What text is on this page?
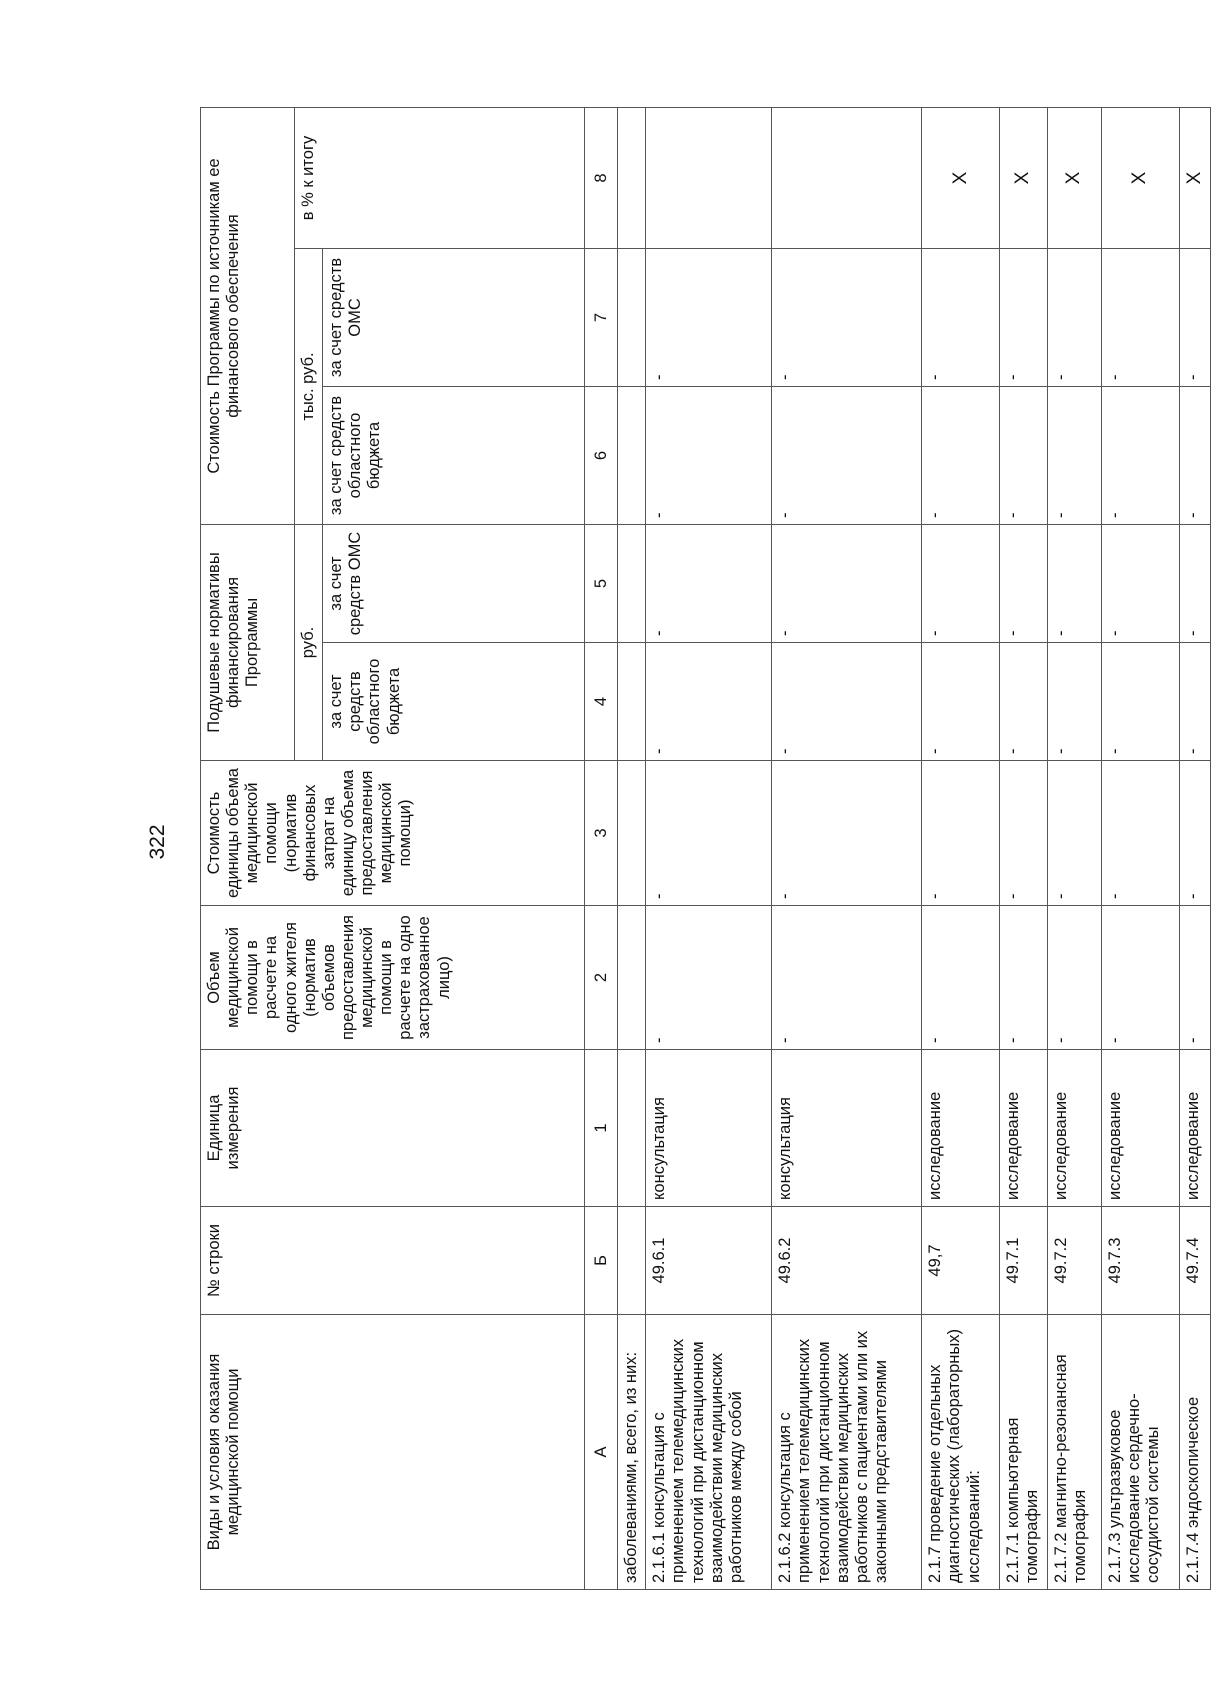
322
Виды и условия оказания медицинской помощи	№ строки	Единица измерения	Объем медицинской помощи в расчете на одного жителя (норматив объемов предоставления медицинской помощи в расчете на одно застрахованное лицо)	Стоимость единицы объема медицинской помощи (норматив финансовых затрат на единицу объема предоставления медицинской помощи)	Подушевые нормативы финансирования Программы		Стоимость Программы по источникам ее финансового обеспечения		
					руб.		тыс. руб.		в % к итогу
					за счет средств областного бюджета	за счет средств ОМС	за счет средств областного бюджета	за счет средств ОМС	
А	Б	1	2	3	4	5	6	7	8
заболеваниями, всего, из них:									
2.1.6.1 консультация с применением телемедицинских технологий при дистанционном взаимодействии медицинских работников между собой	49.6.1	консультация	-	-	-	-	-	-	
2.1.6.2 консультация с применением телемедицинских технологий при дистанционном взаимодействии медицинских работников с пациентами или их законными представителями	49.6.2	консультация	-	-	-	-	-	-	
2.1.7 проведение отдельных диагностических (лабораторных) исследований:	49,7	исследование	-	-	-	-	-	-	X
2.1.7.1 компьютерная томография	49.7.1	исследование	-	-	-	-	-	-	X
2.1.7.2 магнитно-резонансная томография	49.7.2	исследование	-	-	-	-	-	-	X
2.1.7.3 ультразвуковое исследование сердечно-сосудистой системы	49.7.3	исследование	-	-	-	-	-	-	X
2.1.7.4 эндоскопическое	49.7.4	исследование	-	-	-	-	-	-	X
